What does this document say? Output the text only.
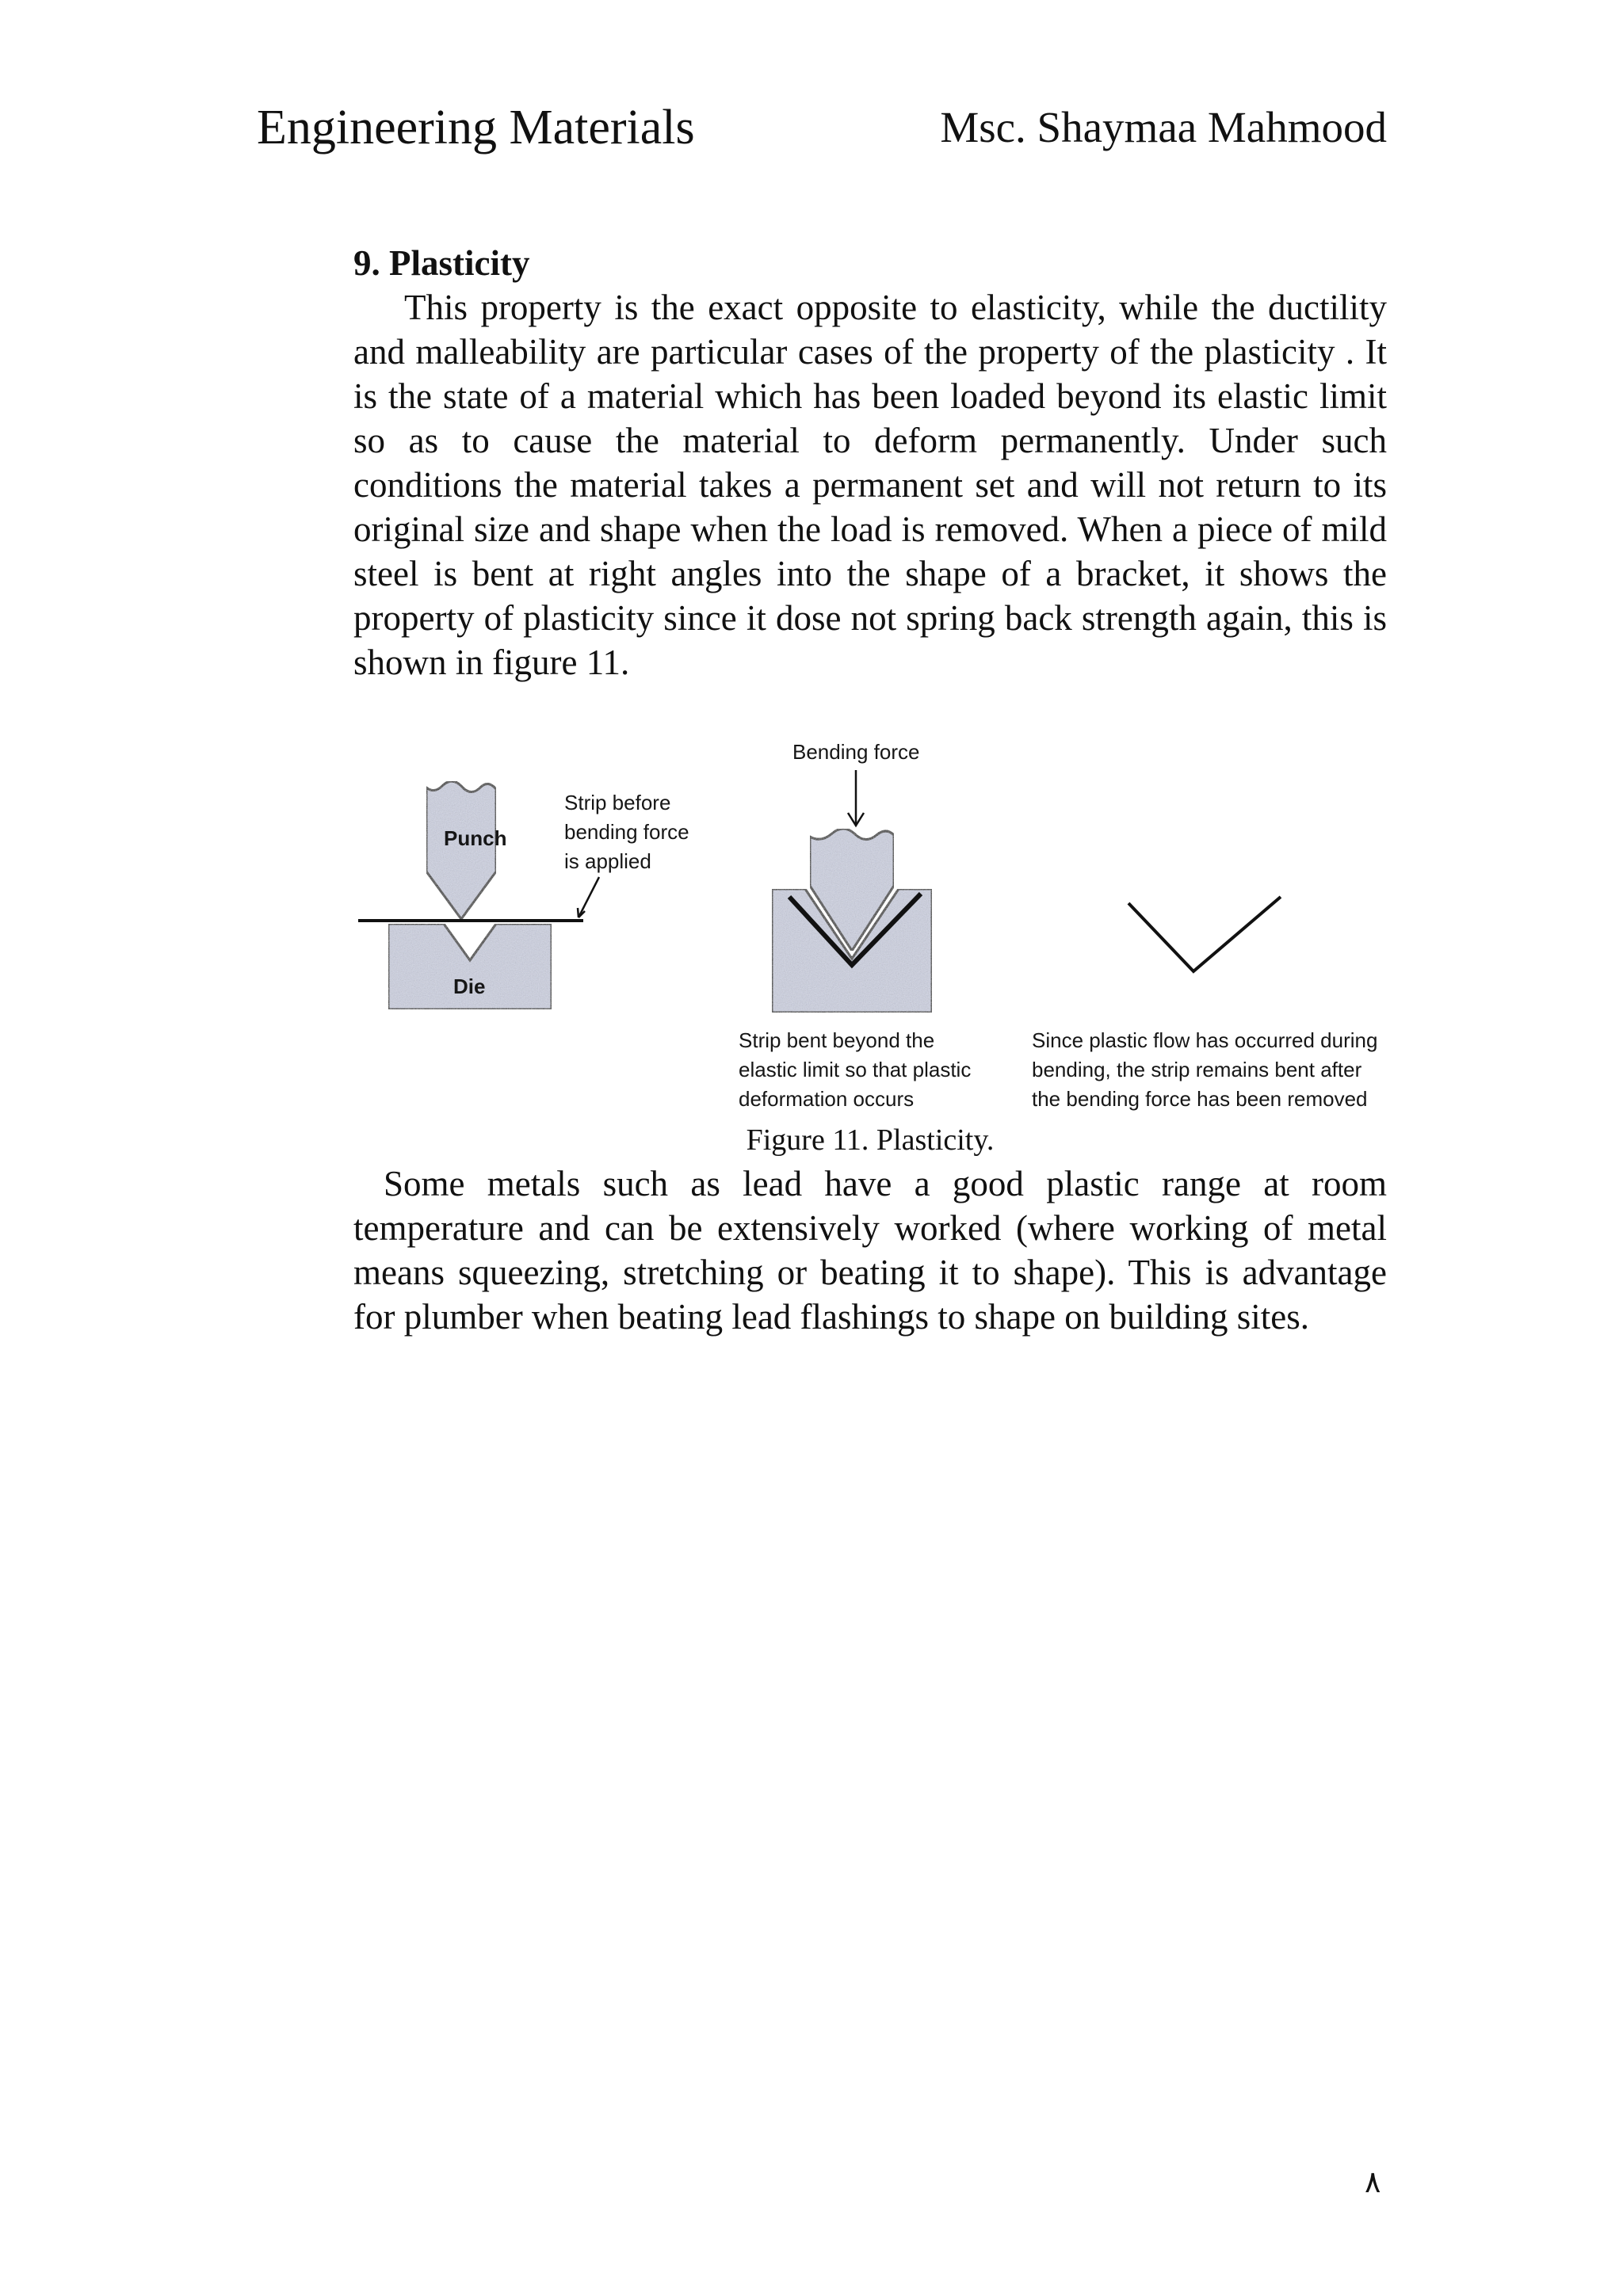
Engineering Materials	Msc. Shaymaa Mahmood
9. Plasticity

This property is the exact opposite to elasticity, while the ductility and malleability are particular cases of the property of the plasticity . It is the state of a material which has been loaded beyond its elastic limit so as to cause the material to deform permanently. Under such conditions the material takes a permanent set and will not return to its original size and shape when the load is removed. When a piece of mild steel is bent at right angles into the shape of a bracket, it shows the property of plasticity since it dose not spring back strength again, this is shown in figure 11.

Punch
Die
Strip before
bending force
is applied
Bending force
Strip bent beyond the
elastic limit so that plastic
deformation occurs
Since plastic flow has occurred during
bending, the strip remains bent after
the bending force has been removed
Figure 11. Plasticity.

Some metals such as lead have a good plastic range at room temperature and can be extensively worked (where working of metal means squeezing, stretching or beating it to shape). This is advantage for plumber when beating lead flashings to shape on building sites.

٨
